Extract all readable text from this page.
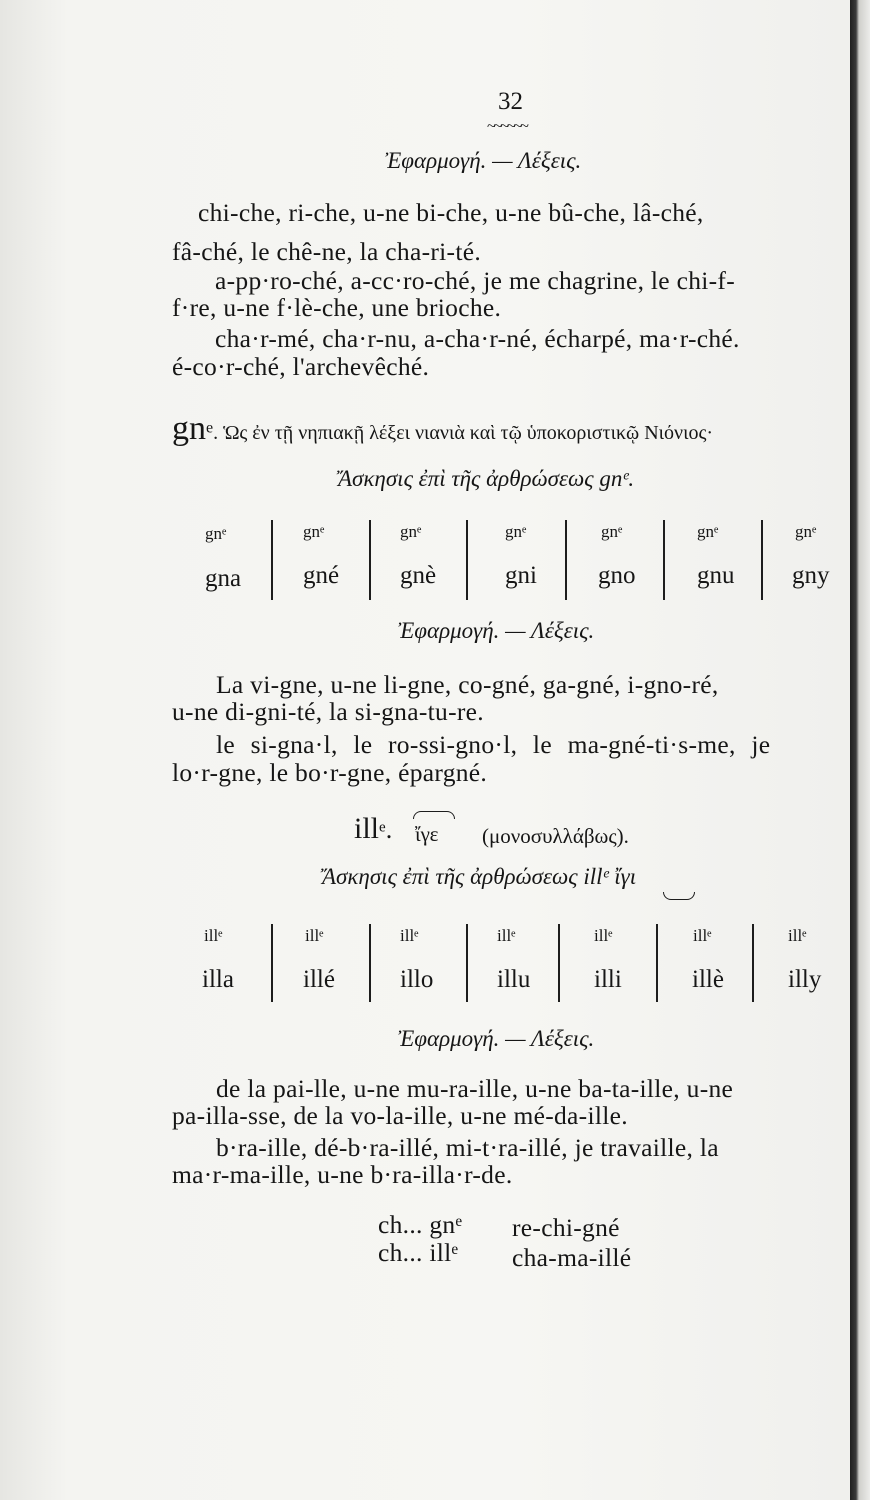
32
~~~~~~
Ἐφαρμογή. — Λέξεις.
chi-che, ri-che, u-ne bi-che, u-ne bû-che, lâ-ché,
fâ-ché, le chê-ne, la cha-ri-té.
a-pp·ro-ché, a-cc·ro-ché, je me chagrine, le chi-f-
f·re, u-ne f·lè-che, une brioche.
cha·r-mé, cha·r-nu, a-cha·r-né, écharpé, ma·r-ché.
é-co·r-ché, l'archevêché.
$gn^e$. Ὡς ἐν τῇ νηπιακῇ λέξει νιανιὰ καὶ τῷ ὑποκοριστικῷ Νιόνιος·
Ἄσκησις ἐπὶ τῆς ἀρθρώσεως gnᵉ.
gnᵉ	gnᵉ	gnᵉ	gnᵉ	gnᵉ	gnᵉ	gnᵉ
gna gné gnè	gni gno gnu gny
Ἐφαρμογή. — Λέξεις.
La vi-gne, u-ne li-gne, co-gné, ga-gné, i-gno-ré,
u-ne di-gni-té, la si-gna-tu-re.
le si-gna·l, le ro-ssi-gno·l, le ma-gné-ti·s-me, je
lo·r-gne, le bo·r-gne, épargné.
ill$^e$. ἴγε (μονοσυλλάβως).
Ἄσκησις ἐπὶ τῆς ἀρθρώσεως illᵉ ἴγι
illᵉ	illᵉ	illᵉ	illᵉ	illᵉ	illᵉ	illᵉ
illa	illé	illo	illu	illi	illè	illy
Ἐφαρμογή. — Λέξεις.
de la pai-lle, u-ne mu-ra-ille, u-ne ba-ta-ille, u-ne
pa-illa-sse, de la vo-la-ille, u-ne mé-da-ille.
b·ra-ille, dé-b·ra-illé, mi-t·ra-illé, je travaille, la
ma·r-ma-ille, u-ne b·ra-illa·r-de.
ch... gnᵉ re-chi-gné
ch... illᵉ cha-ma-illé
